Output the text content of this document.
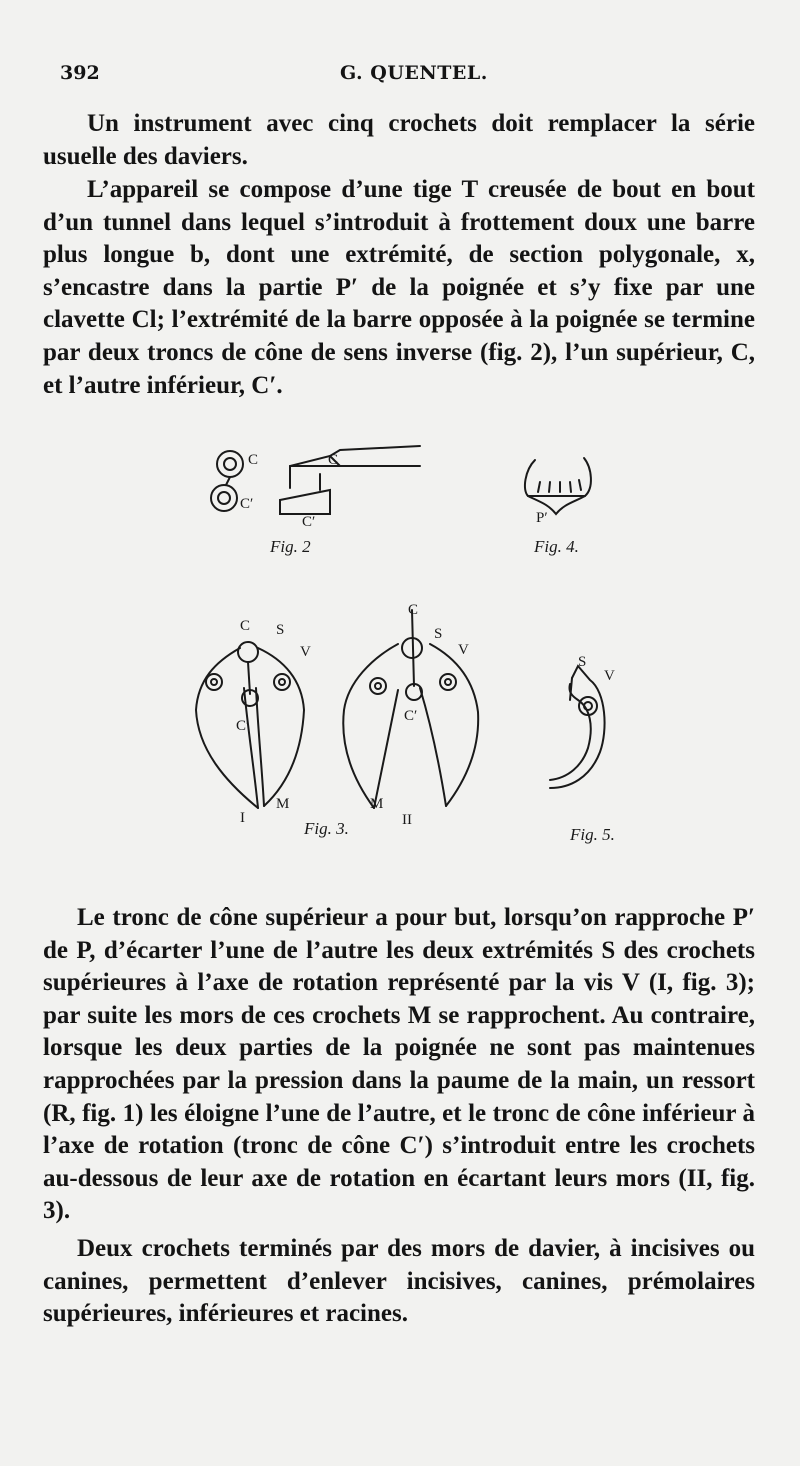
392	G. QUENTEL.

Un instrument avec cinq crochets doit remplacer la série usuelle des daviers.

L’appareil se compose d’une tige T creusée de bout en bout d’un tunnel dans lequel s’introduit à frottement doux une barre plus longue b, dont une extrémité, de section polygonale, x, s’encastre dans la partie P′ de la poignée et s’y fixe par une clavette Cl; l’extrémité de la barre opposée à la poignée se termine par deux troncs de cône de sens inverse (fig. 2), l’un supérieur, C, et l’autre inférieur, C′.

C
C′
C
C′
Fig. 2
P′
Fig. 4.
C S
V
C′
I
M
C
S
V
C′
M
II
Fig. 3.
S
V
Fig. 5.

Le tronc de cône supérieur a pour but, lorsqu’on rapproche P′ de P, d’écarter l’une de l’autre les deux extrémités S des crochets supérieures à l’axe de rotation représenté par la vis V (I, fig. 3); par suite les mors de ces crochets M se rapprochent. Au contraire, lorsque les deux parties de la poignée ne sont pas maintenues rapprochées par la pression dans la paume de la main, un ressort (R, fig. 1) les éloigne l’une de l’autre, et le tronc de cône inférieur à l’axe de rotation (tronc de cône C′) s’introduit entre les crochets au-dessous de leur axe de rotation en écartant leurs mors (II, fig. 3).

Deux crochets terminés par des mors de davier, à incisives ou canines, permettent d’enlever incisives, canines, prémolaires supérieures, inférieures et racines.
